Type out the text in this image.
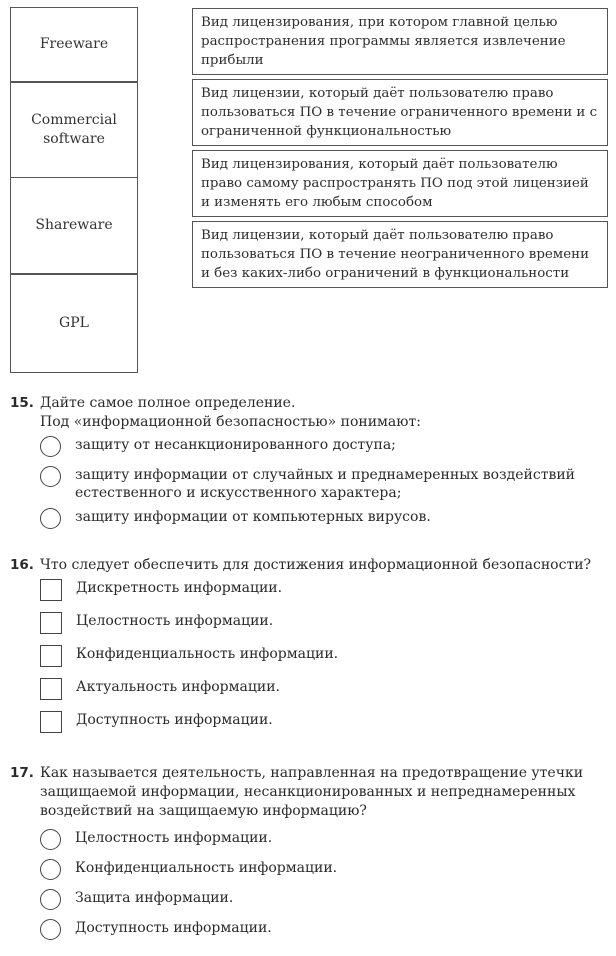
Freeware
Commercial software
Shareware
GPL
Вид лицензирования, при котором главной целью распространения программы является извлечение прибыли
Вид лицензии, который даёт пользователю право пользоваться ПО в течение ограниченного времени и с ограниченной функциональностью
Вид лицензирования, который даёт пользователю право самому распространять ПО под этой лицензией и изменять его любым способом
Вид лицензии, который даёт пользователю право пользоваться ПО в течение неограниченного времени и без каких-либо ограничений в функциональности
15. Дайте самое полное определение.
Под «информационной безопасностью» понимают:
защиту от несанкционированного доступа;
защиту информации от случайных и преднамеренных воздействий естественного и искусственного характера;
защиту информации от компьютерных вирусов.
16. Что следует обеспечить для достижения информационной безопасности?
Дискретность информации.
Целостность информации.
Конфиденциальность информации.
Актуальность информации.
Доступность информации.
17. Как называется деятельность, направленная на предотвращение утечки защищаемой информации, несанкционированных и непреднамеренных воздействий на защищаемую информацию?
Целостность информации.
Конфиденциальность информации.
Защита информации.
Доступность информации.
